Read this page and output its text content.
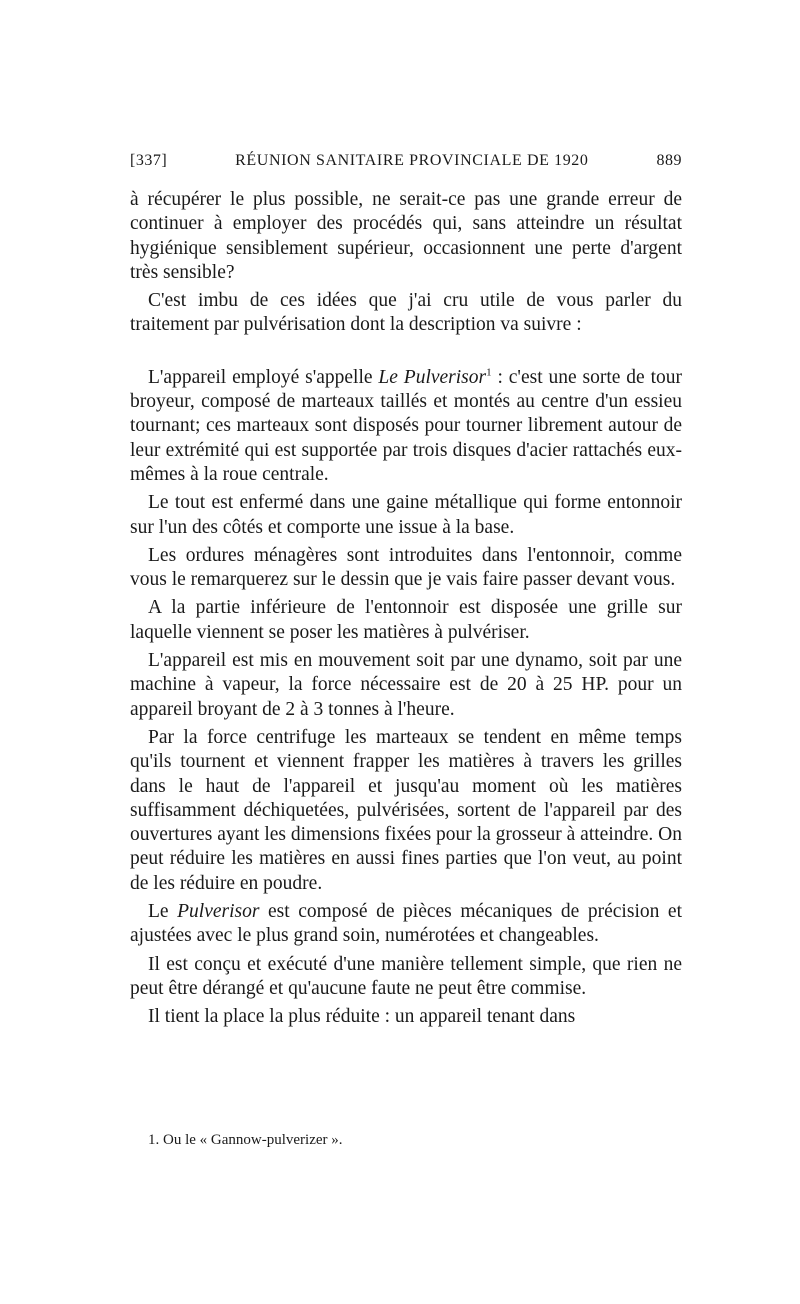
[337]	RÉUNION SANITAIRE PROVINCIALE DE 1920	889

à récupérer le plus possible, ne serait-ce pas une grande erreur de continuer à employer des procédés qui, sans atteindre un résultat hygiénique sensiblement supérieur, occasionnent une perte d'argent très sensible?

C'est imbu de ces idées que j'ai cru utile de vous parler du traitement par pulvérisation dont la description va suivre :

L'appareil employé s'appelle Le Pulverisor$^1$ : c'est une sorte de tour broyeur, composé de marteaux taillés et montés au centre d'un essieu tournant; ces marteaux sont disposés pour tourner librement autour de leur extrémité qui est supportée par trois disques d'acier rattachés eux-mêmes à la roue centrale.

Le tout est enfermé dans une gaine métallique qui forme entonnoir sur l'un des côtés et comporte une issue à la base.

Les ordures ménagères sont introduites dans l'entonnoir, comme vous le remarquerez sur le dessin que je vais faire passer devant vous.

A la partie inférieure de l'entonnoir est disposée une grille sur laquelle viennent se poser les matières à pulvériser.

L'appareil est mis en mouvement soit par une dynamo, soit par une machine à vapeur, la force nécessaire est de 20 à 25 HP. pour un appareil broyant de 2 à 3 tonnes à l'heure.

Par la force centrifuge les marteaux se tendent en même temps qu'ils tournent et viennent frapper les matières à travers les grilles dans le haut de l'appareil et jusqu'au moment où les matières suffisamment déchiquetées, pulvérisées, sortent de l'appareil par des ouvertures ayant les dimensions fixées pour la grosseur à atteindre. On peut réduire les matières en aussi fines parties que l'on veut, au point de les réduire en poudre.

Le Pulverisor est composé de pièces mécaniques de précision et ajustées avec le plus grand soin, numérotées et changeables.

Il est conçu et exécuté d'une manière tellement simple, que rien ne peut être dérangé et qu'aucune faute ne peut être commise.

Il tient la place la plus réduite : un appareil tenant dans

1. Ou le « Gannow-pulverizer ».
